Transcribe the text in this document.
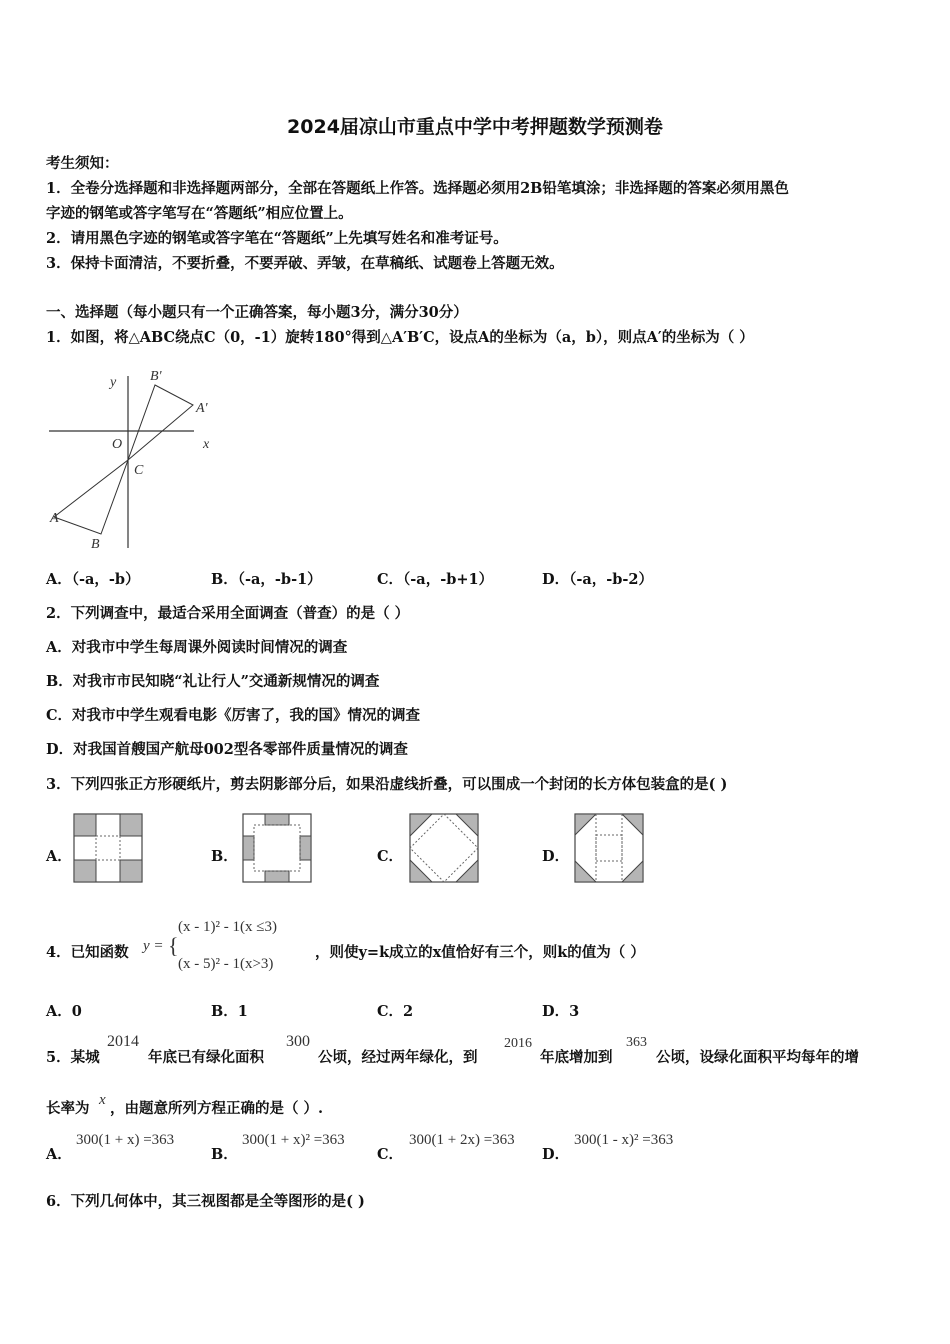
2024届凉山市重点中学中考押题数学预测卷
考生须知：
1．全卷分选择题和非选择题两部分，全部在答题纸上作答。选择题必须用2B铅笔填涂；非选择题的答案必须用黑色
字迹的钢笔或答字笔写在“答题纸”相应位置上。
2．请用黑色字迹的钢笔或答字笔在“答题纸”上先填写姓名和准考证号。
3．保持卡面清洁，不要折叠，不要弄破、弄皱，在草稿纸、试题卷上答题无效。
一、选择题（每小题只有一个正确答案，每小题3分，满分30分）
1．如图，将△ABC绕点C（0，-1）旋转180°得到△A′B′C，设点A的坐标为（a，b），则点A′的坐标为（ ）
y
x
O
C
A
B
A'
B'
A．（-a，-b）	B．（-a，-b-1）	C．（-a，-b+1）	D．（-a，-b-2）
2．下列调查中，最适合采用全面调查（普查）的是（ ）
A．对我市中学生每周课外阅读时间情况的调查
B．对我市市民知晓“礼让行人”交通新规情况的调查
C．对我市中学生观看电影《厉害了，我的国》情况的调查
D．对我国首艘国产航母002型各零部件质量情况的调查
3．下列四张正方形硬纸片，剪去阴影部分后，如果沿虚线折叠，可以围成一个封闭的长方体包装盒的是( )
A．	B．	C．	D．
4．已知函数 y = {
(x - 1)² - 1(x ≤3)
(x - 5)² - 1(x>3)
，则使y=k成立的x值恰好有三个，则k的值为（ ）
A．0	B．1	C．2	D．3
5．某城
2014
年底已有绿化面积
300
公顷，经过两年绿化，到
2016
年底增加到
363
公顷，设绿化面积平均每年的增
长率为 x ，由题意所列方程正确的是（ ）.
A．
300(1 + x) =363
B．
300(1 + x)² =363
C．
300(1 + 2x) =363
D．
300(1 - x)² =363
6．下列几何体中，其三视图都是全等图形的是( )
